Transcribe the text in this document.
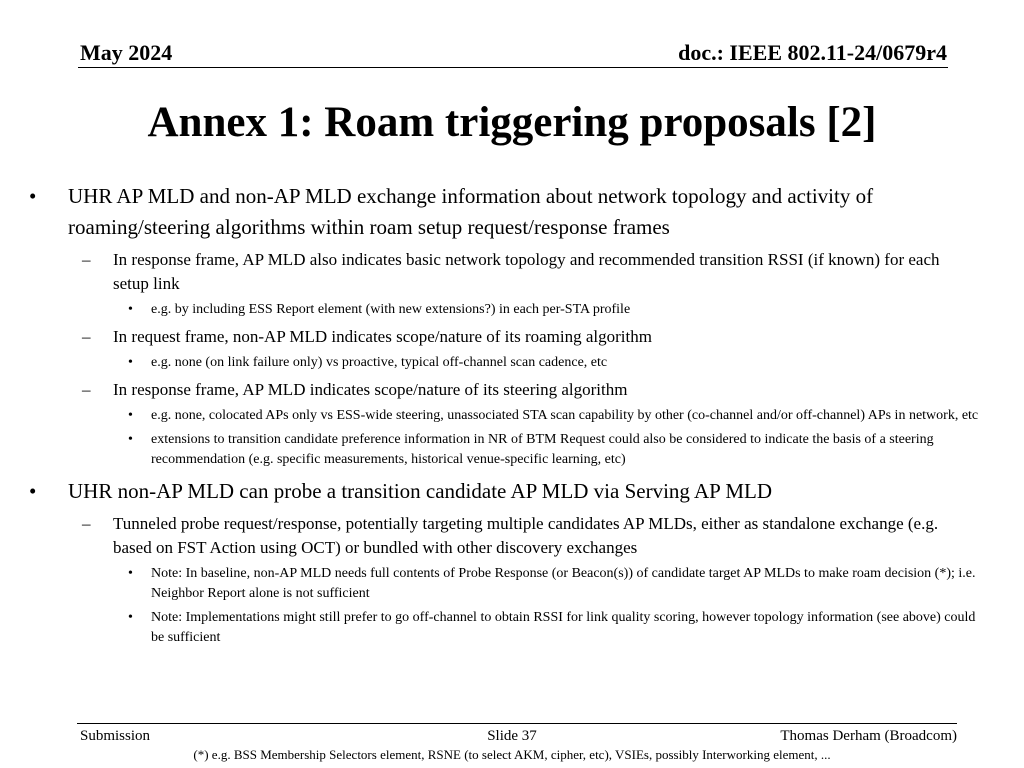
May 2024	doc.: IEEE 802.11-24/0679r4
Annex 1: Roam triggering proposals [2]
• UHR AP MLD and non-AP MLD exchange information about network topology and activity of roaming/steering algorithms within roam setup request/response frames
– In response frame, AP MLD also indicates basic network topology and recommended transition RSSI (if known) for each setup link
• e.g. by including ESS Report element (with new extensions?) in each per-STA profile
– In request frame, non-AP MLD indicates scope/nature of its roaming algorithm
• e.g. none (on link failure only) vs proactive, typical off-channel scan cadence, etc
– In response frame, AP MLD indicates scope/nature of its steering algorithm
• e.g. none, colocated APs only vs ESS-wide steering, unassociated STA scan capability by other (co-channel and/or off-channel) APs in network, etc
• extensions to transition candidate preference information in NR of BTM Request could also be considered to indicate the basis of a steering recommendation (e.g. specific measurements, historical venue-specific learning, etc)
• UHR non-AP MLD can probe a transition candidate AP MLD via Serving AP MLD
– Tunneled probe request/response, potentially targeting multiple candidates AP MLDs, either as standalone exchange (e.g. based on FST Action using OCT) or bundled with other discovery exchanges
• Note: In baseline, non-AP MLD needs full contents of Probe Response (or Beacon(s)) of candidate target AP MLDs to make roam decision (*); i.e. Neighbor Report alone is not sufficient
• Note: Implementations might still prefer to go off-channel to obtain RSSI for link quality scoring, however topology information (see above) could be sufficient
Submission	Slide 37	Thomas Derham (Broadcom)
(*) e.g. BSS Membership Selectors element, RSNE (to select AKM, cipher, etc), VSIEs, possibly Interworking element, ...
